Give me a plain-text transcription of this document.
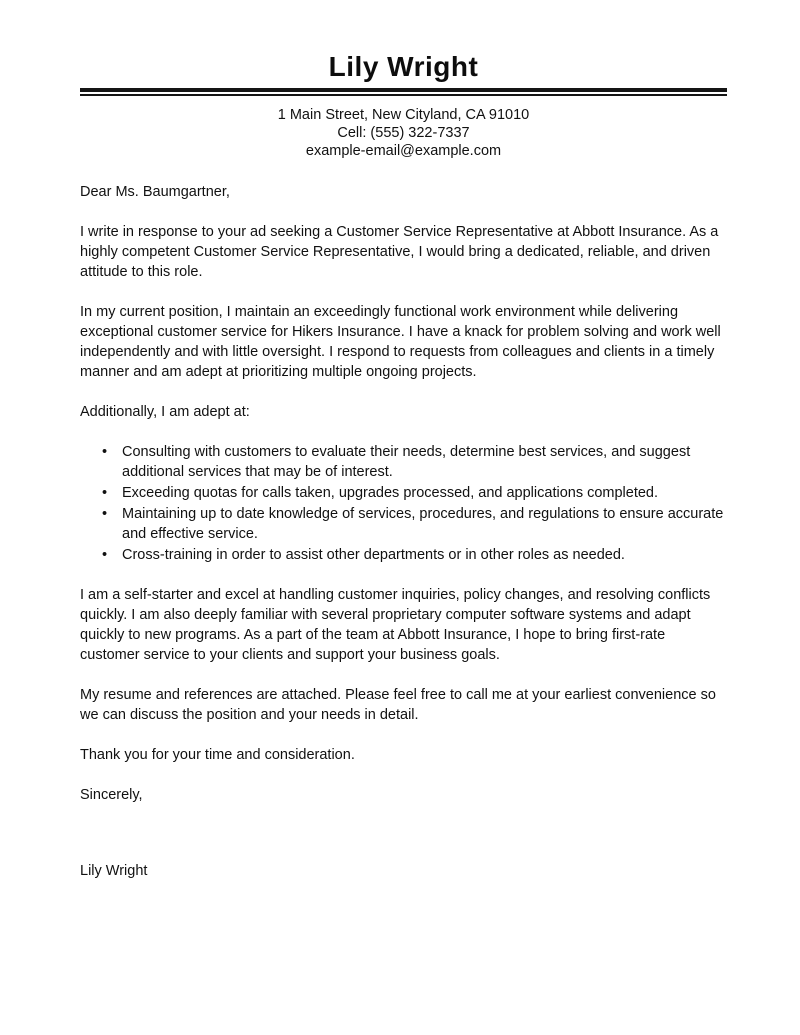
Lily Wright
1 Main Street, New Cityland, CA 91010
Cell: (555) 322-7337
example-email@example.com

Dear Ms. Baumgartner,

I write in response to your ad seeking a Customer Service Representative at Abbott Insurance. As a highly competent Customer Service Representative, I would bring a dedicated, reliable, and driven attitude to this role.

In my current position, I maintain an exceedingly functional work environment while delivering exceptional customer service for Hikers Insurance. I have a knack for problem solving and work well independently and with little oversight. I respond to requests from colleagues and clients in a timely manner and am adept at prioritizing multiple ongoing projects.

Additionally, I am adept at:

• Consulting with customers to evaluate their needs, determine best services, and suggest additional services that may be of interest.
• Exceeding quotas for calls taken, upgrades processed, and applications completed.
• Maintaining up to date knowledge of services, procedures, and regulations to ensure accurate and effective service.
• Cross-training in order to assist other departments or in other roles as needed.

I am a self-starter and excel at handling customer inquiries, policy changes, and resolving conflicts quickly. I am also deeply familiar with several proprietary computer software systems and adapt quickly to new programs. As a part of the team at Abbott Insurance, I hope to bring first-rate customer service to your clients and support your business goals.

My resume and references are attached. Please feel free to call me at your earliest convenience so we can discuss the position and your needs in detail.

Thank you for your time and consideration.

Sincerely,

Lily Wright
